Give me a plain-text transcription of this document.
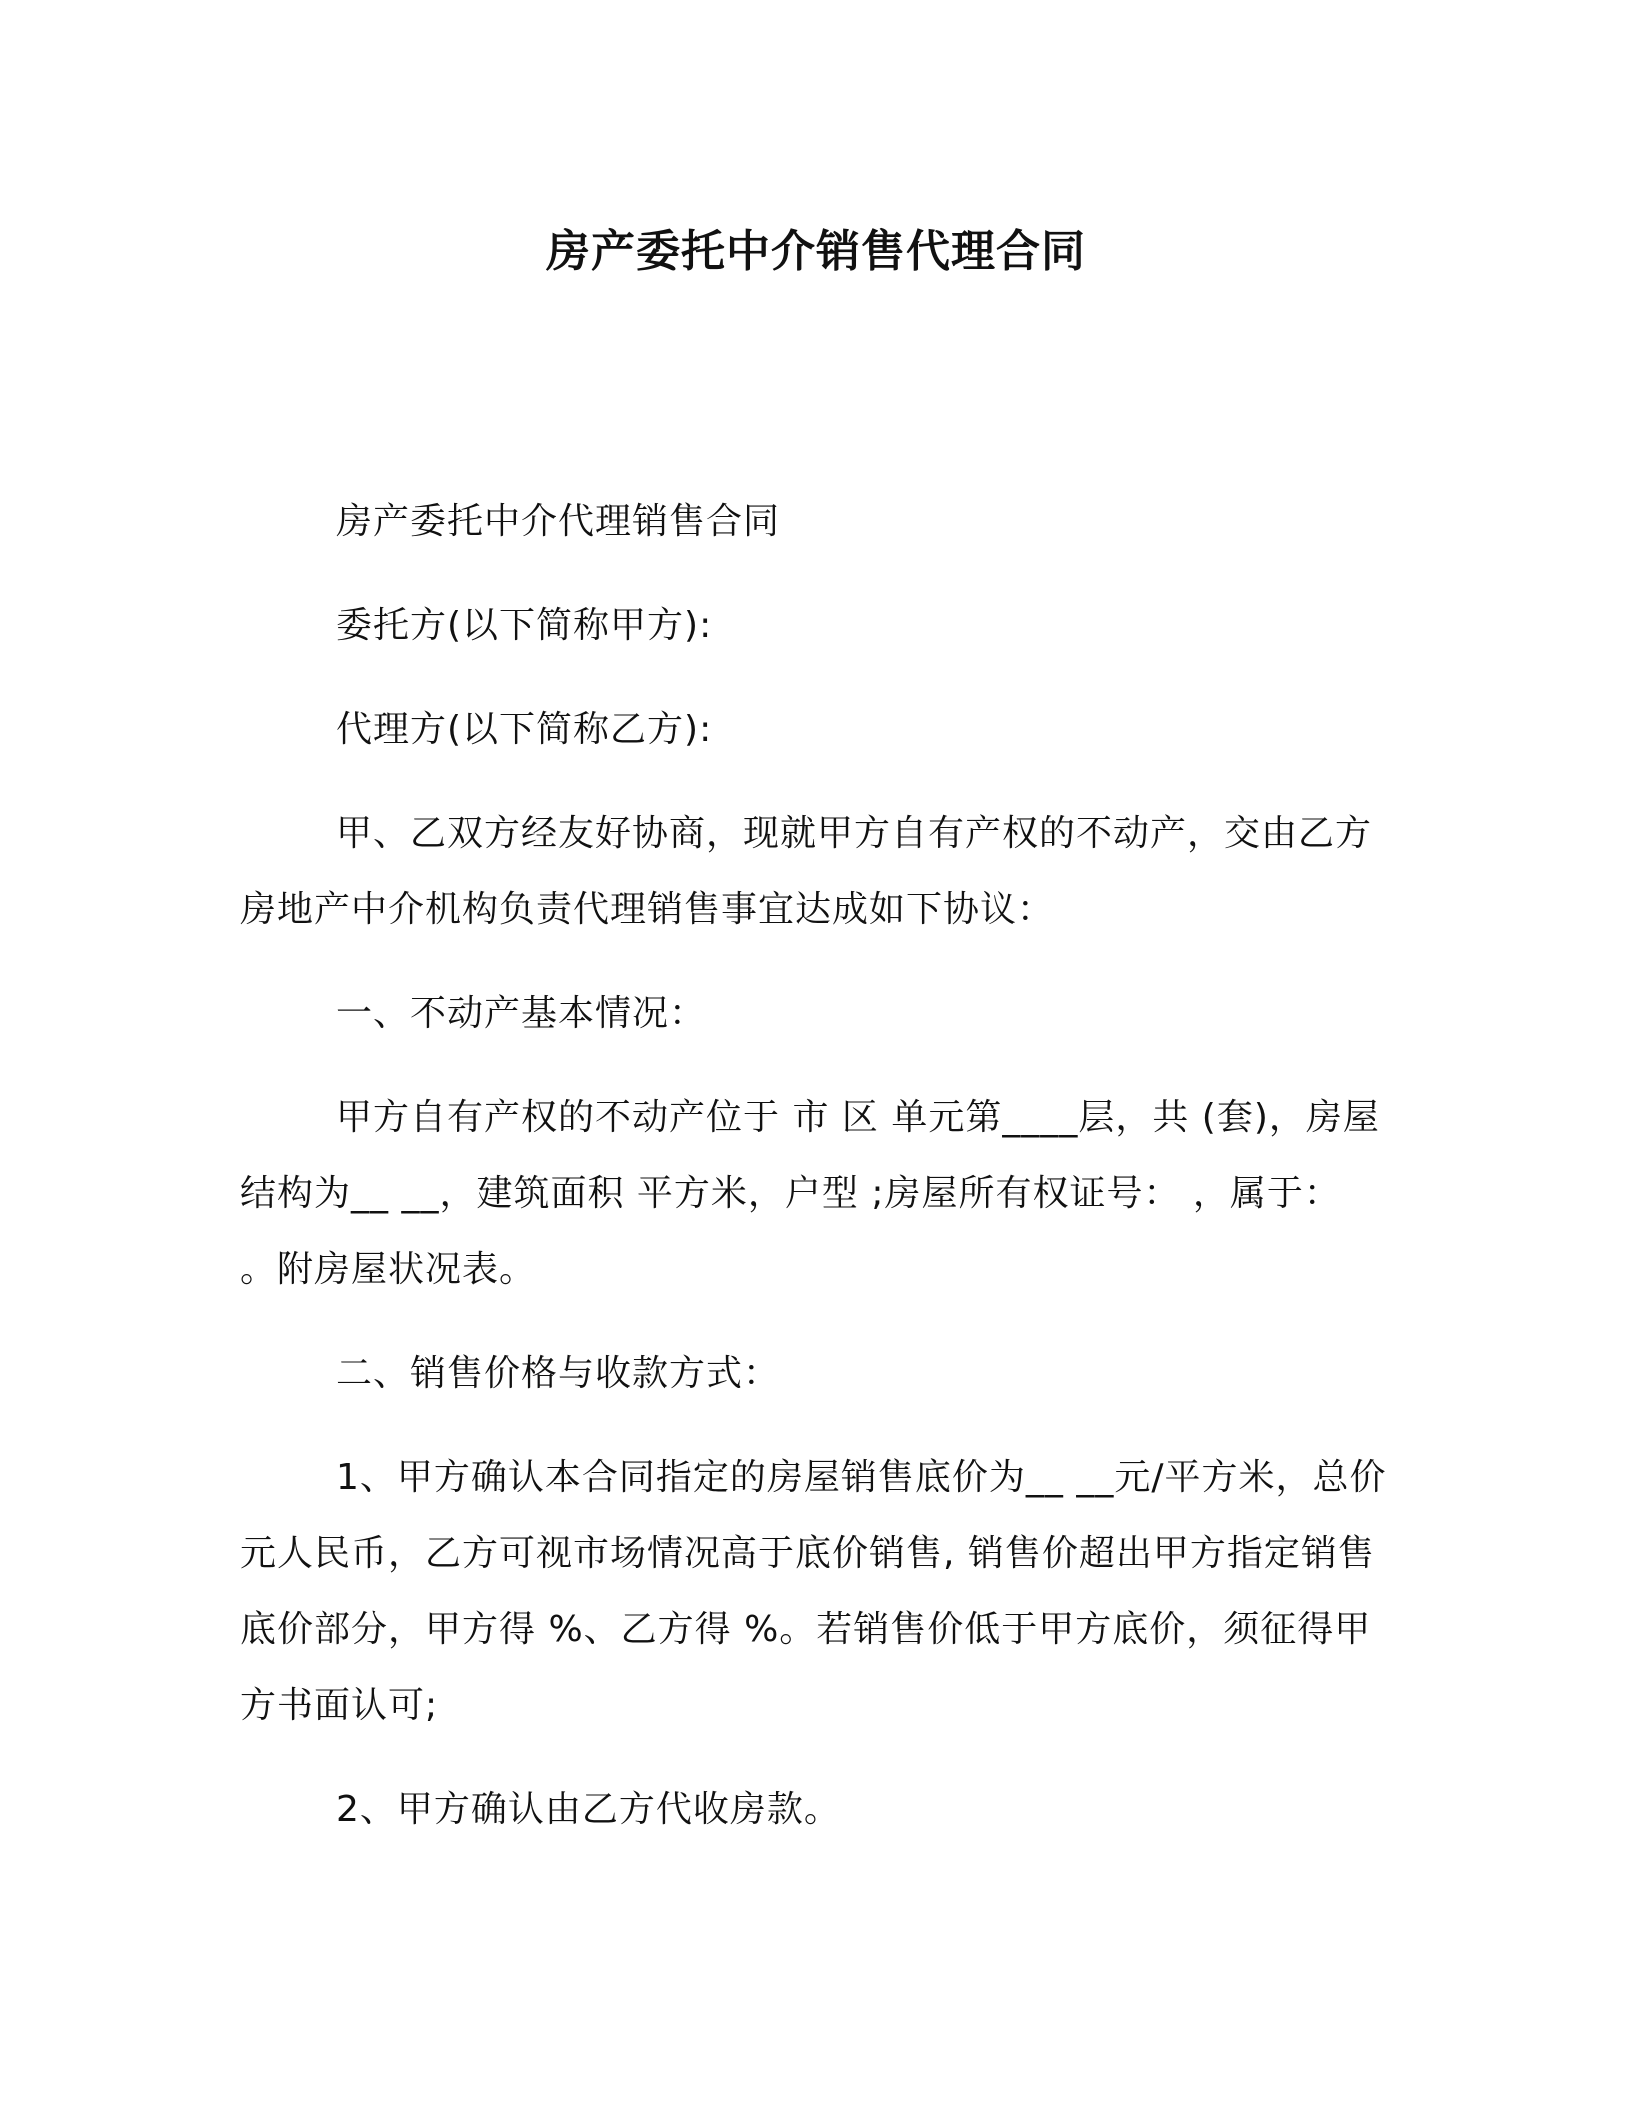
房产委托中介销售代理合同

房产委托中介代理销售合同

委托方(以下简称甲方):

代理方(以下简称乙方):

甲、乙双方经友好协商，现就甲方自有产权的不动产，交由乙方房地产中介机构负责代理销售事宜达成如下协议：

一、不动产基本情况：

甲方自有产权的不动产位于 市 区 单元第____层，共 (套)，房屋结构为__ __，建筑面积 平方米，户型 ;房屋所有权证号： ，属于： 。附房屋状况表。

二、销售价格与收款方式：

1、甲方确认本合同指定的房屋销售底价为__ __元/平方米，总价 元人民币，乙方可视市场情况高于底价销售, 销售价超出甲方指定销售底价部分，甲方得 %、乙方得 %。若销售价低于甲方底价，须征得甲方书面认可;

2、甲方确认由乙方代收房款。
